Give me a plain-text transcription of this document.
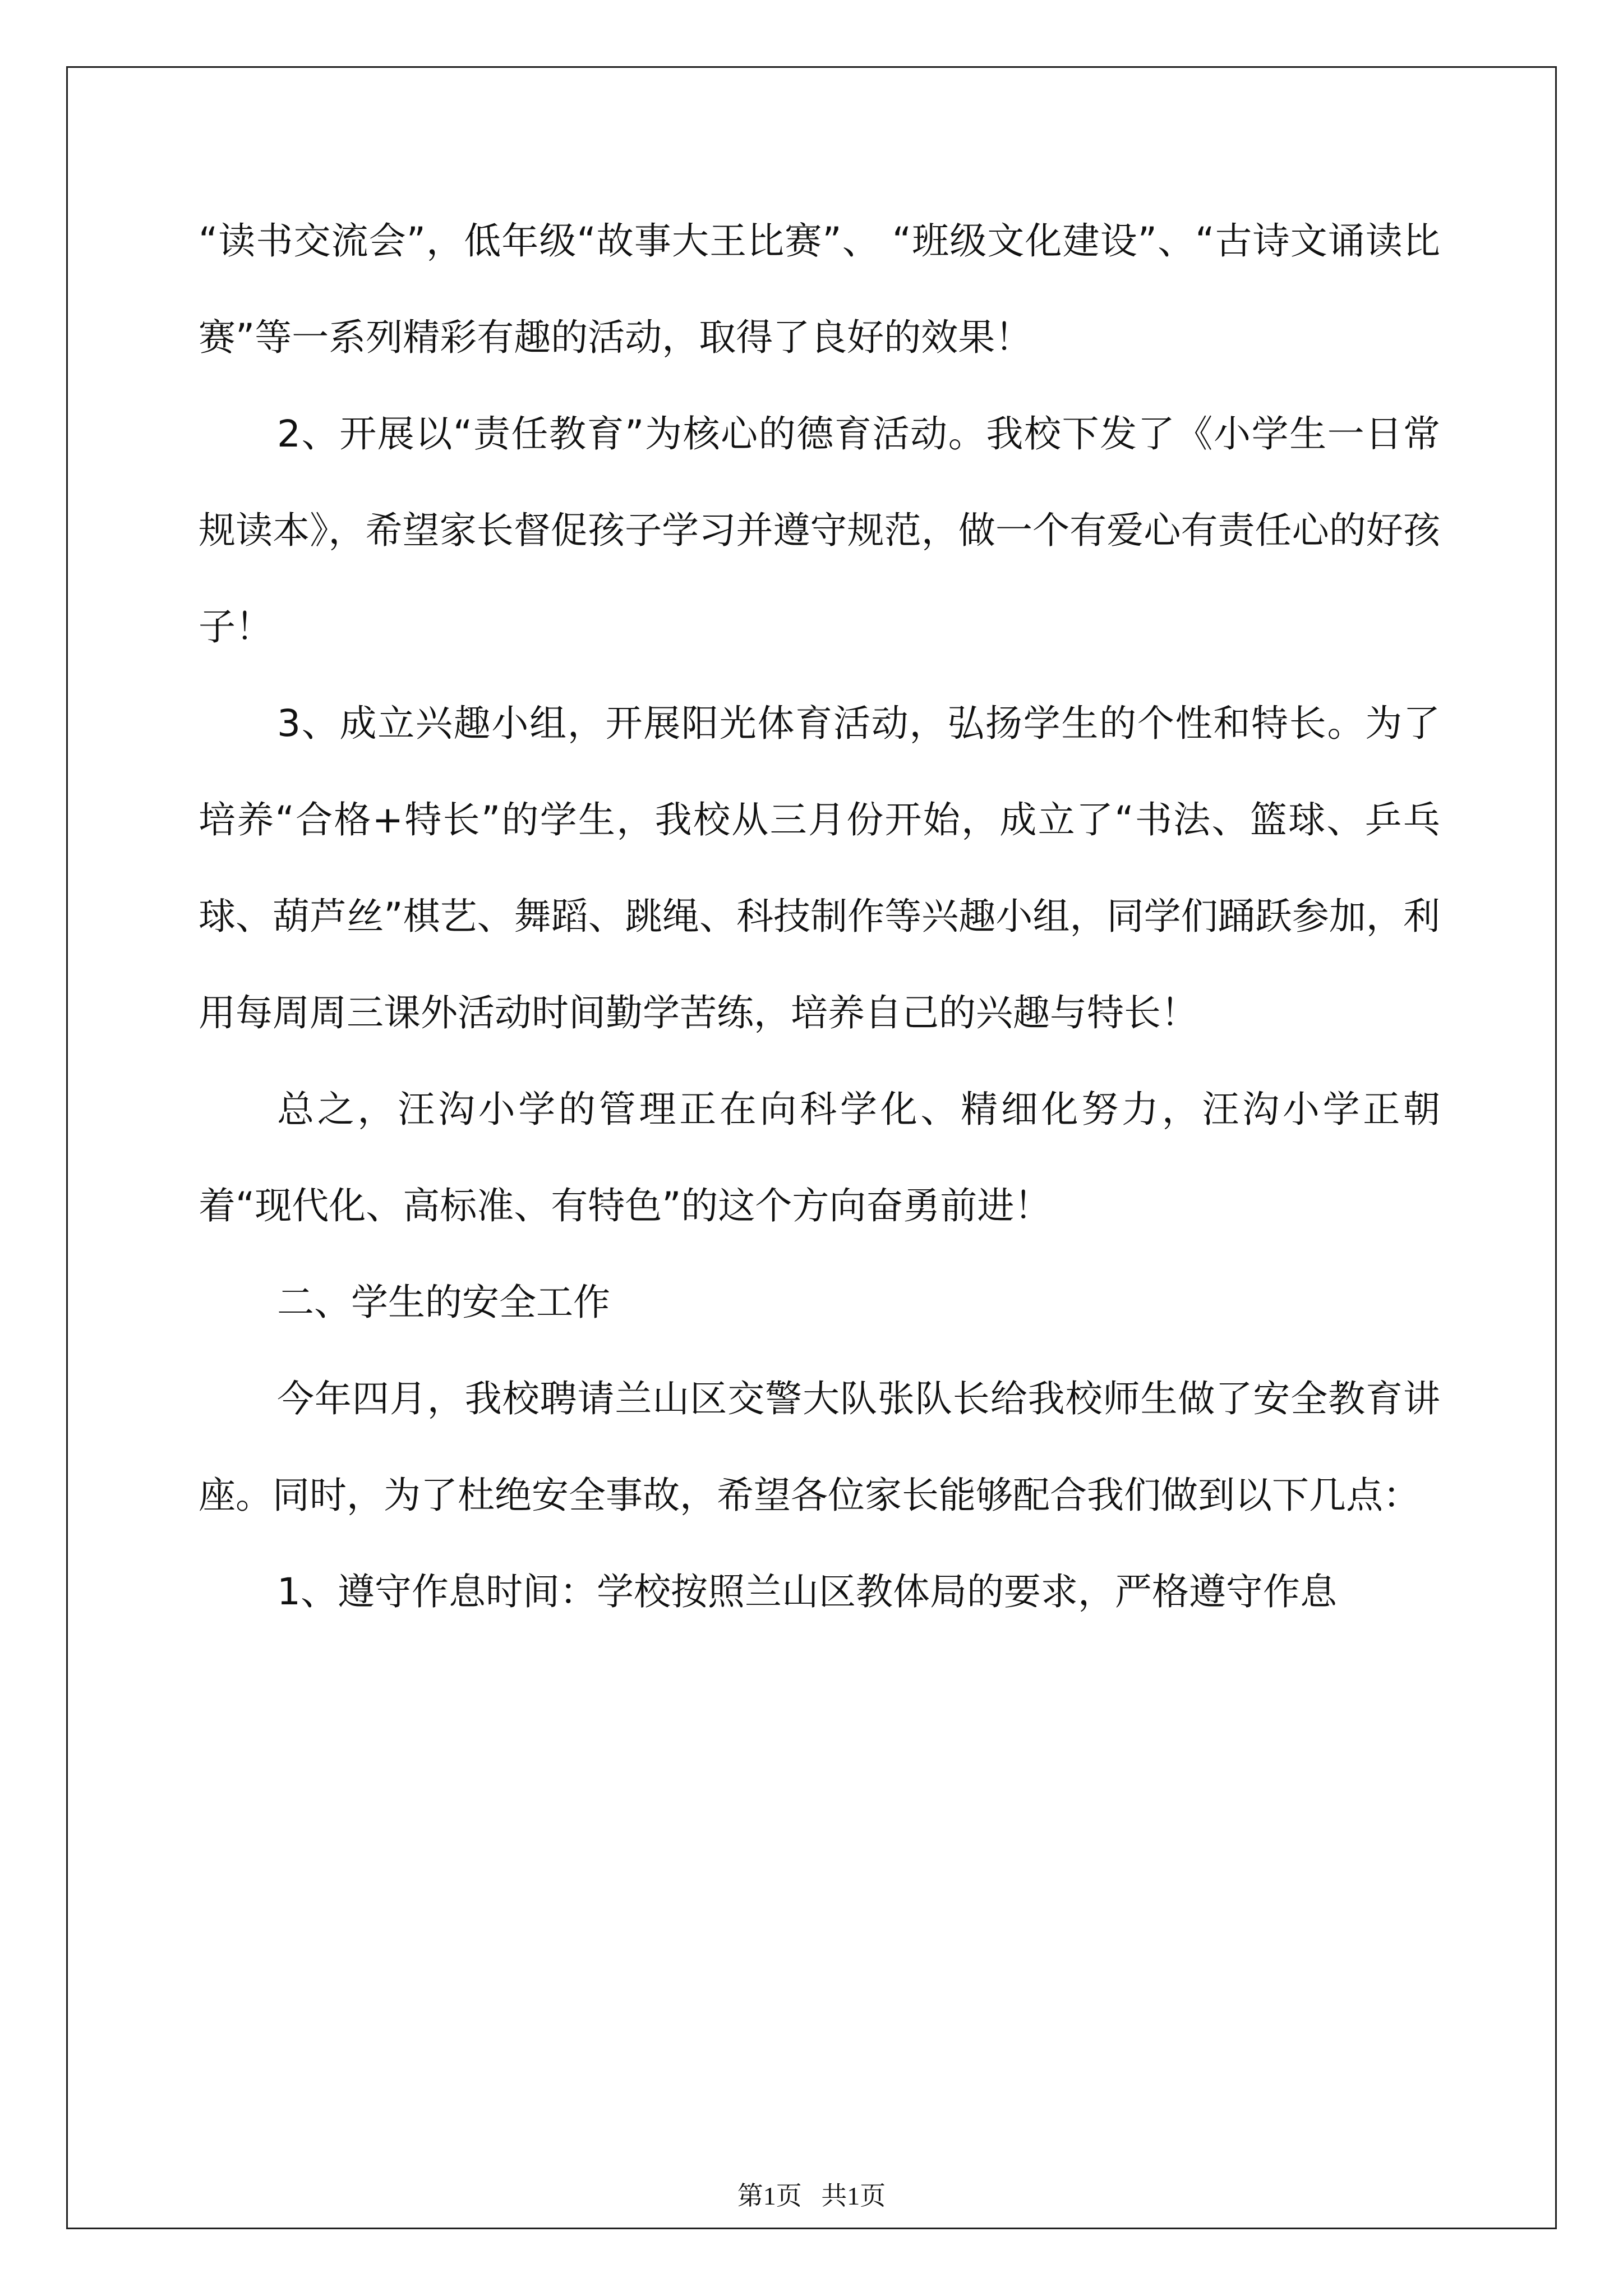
“读书交流会”，低年级“故事大王比赛”、 “班级文化建设”、“古诗文诵读比赛”等一系列精彩有趣的活动，取得了良好的效果！

2、开展以“责任教育”为核心的德育活动。我校下发了《小学生一日常规读本》，希望家长督促孩子学习并遵守规范，做一个有爱心有责任心的好孩子！

3、成立兴趣小组，开展阳光体育活动，弘扬学生的个性和特长。为了培养“合格+特长”的学生，我校从三月份开始，成立了“书法、篮球、乒乓球、葫芦丝”棋艺、舞蹈、跳绳、科技制作等兴趣小组，同学们踊跃参加，利用每周周三课外活动时间勤学苦练，培养自己的兴趣与特长！

总之，汪沟小学的管理正在向科学化、精细化努力，汪沟小学正朝着“现代化、高标准、有特色”的这个方向奋勇前进！

二、学生的安全工作

今年四月，我校聘请兰山区交警大队张队长给我校师生做了安全教育讲座。同时，为了杜绝安全事故，希望各位家长能够配合我们做到以下几点：

1、遵守作息时间：学校按照兰山区教体局的要求，严格遵守作息

第1页   共1页
